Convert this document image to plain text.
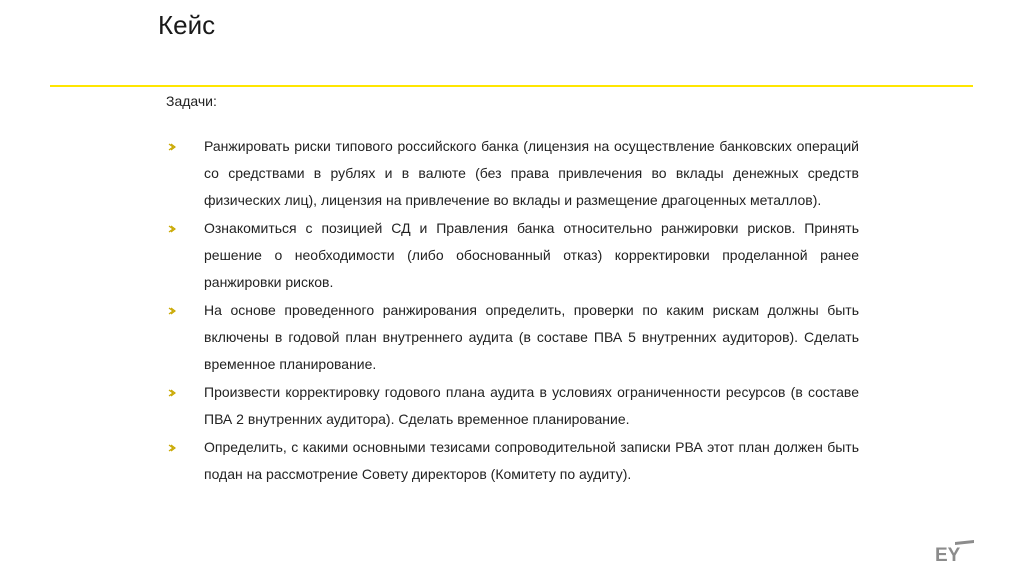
Кейс
Задачи:
Ранжировать риски типового российского банка (лицензия на осуществление банковских операций со средствами в рублях и в валюте (без права привлечения во вклады денежных средств физических лиц), лицензия на привлечение во вклады и размещение драгоценных металлов).
Ознакомиться с позицией СД и Правления банка относительно ранжировки рисков. Принять решение о необходимости (либо обоснованный отказ) корректировки проделанной ранее ранжировки рисков.
На основе проведенного ранжирования определить, проверки по каким рискам должны быть включены в годовой план внутреннего аудита (в составе ПВА 5 внутренних аудиторов). Сделать временное планирование.
Произвести корректировку годового плана аудита в условиях ограниченности ресурсов (в составе ПВА 2 внутренних аудитора). Сделать временное планирование.
Определить, с какими основными тезисами сопроводительной записки РВА этот план должен быть подан на рассмотрение Совету директоров (Комитету по аудиту).
EY
